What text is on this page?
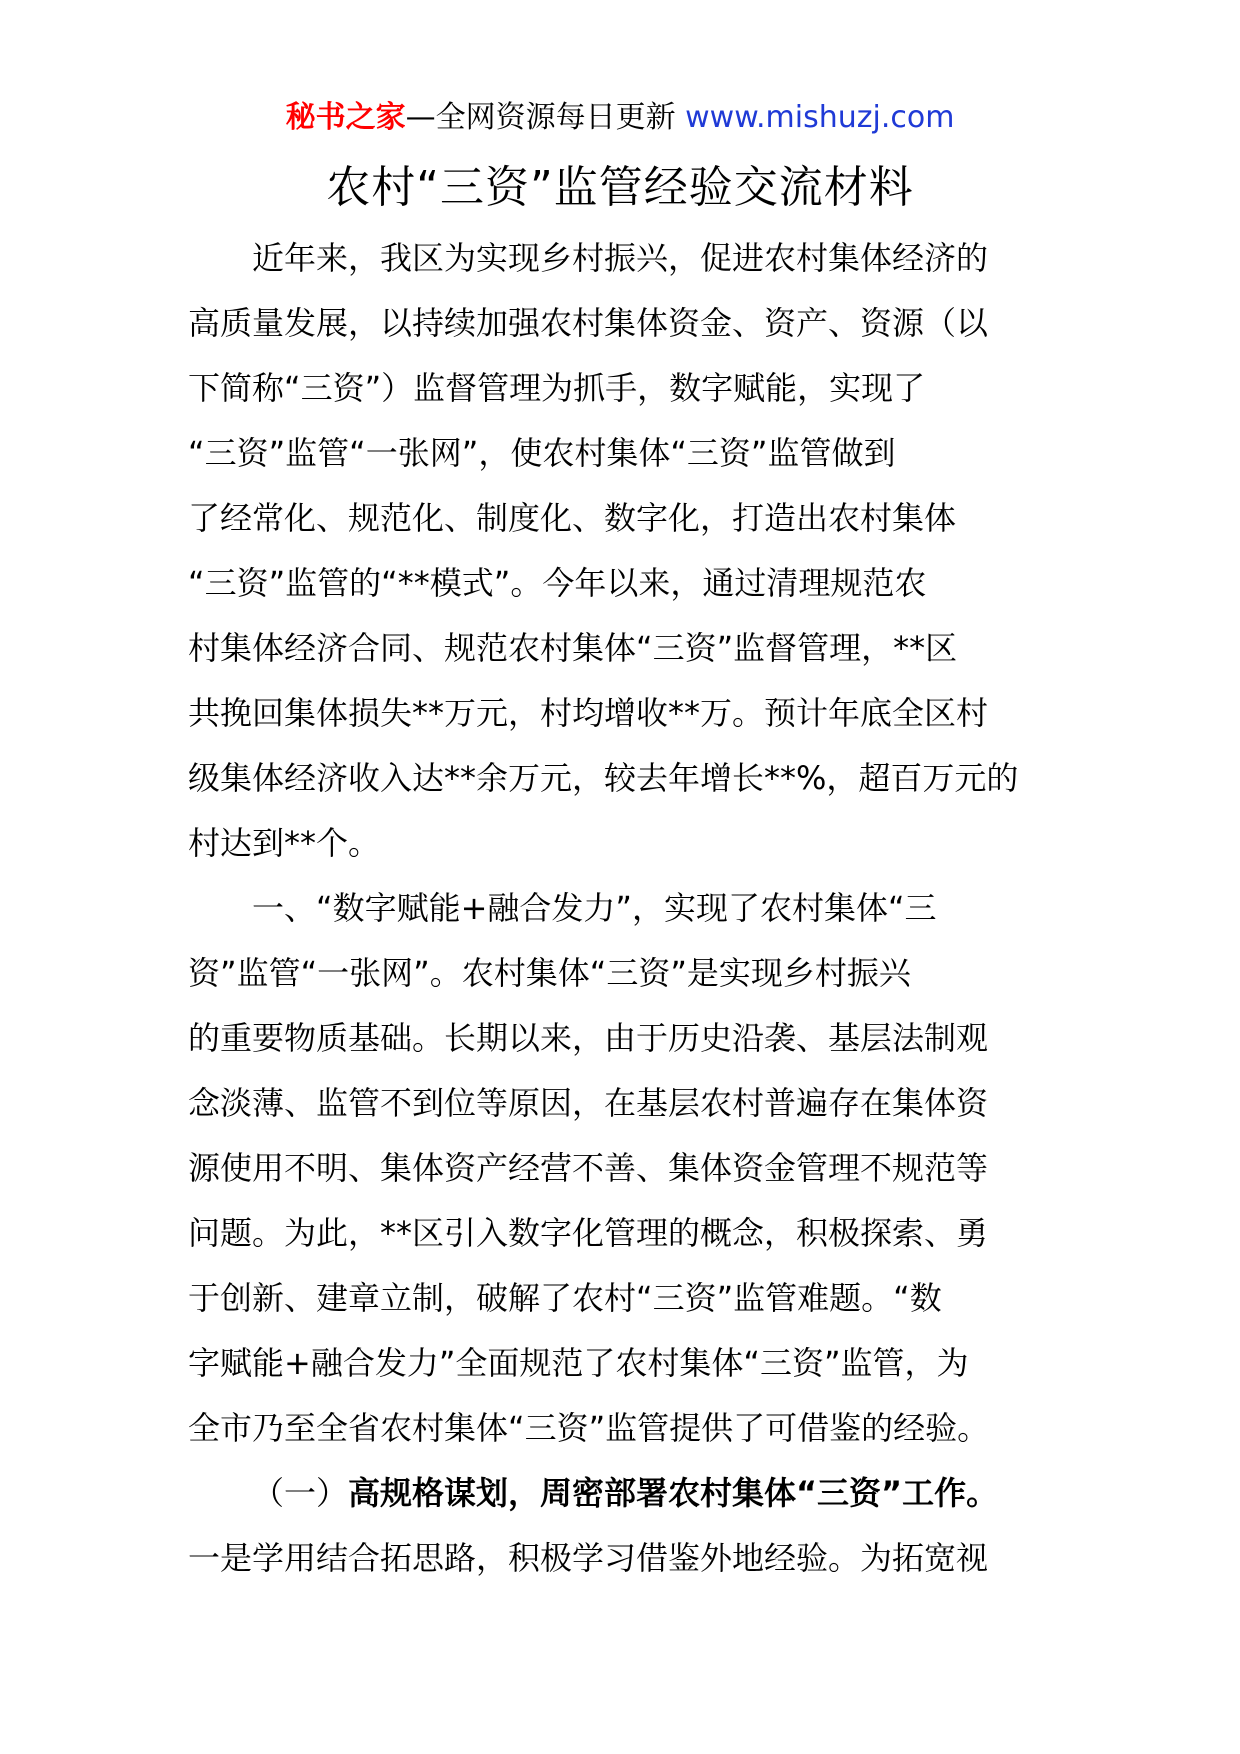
秘书之家—全网资源每日更新 www.mishuzj.com
农村“三资”监管经验交流材料
近年来，我区为实现乡村振兴，促进农村集体经济的
高质量发展，以持续加强农村集体资金、资产、资源（以
下简称“三资”）监督管理为抓手，数字赋能，实现了
“三资”监管“一张网”，使农村集体“三资”监管做到
了经常化、规范化、制度化、数字化，打造出农村集体
“三资”监管的“**模式”。今年以来，通过清理规范农
村集体经济合同、规范农村集体“三资”监督管理，**区
共挽回集体损失**万元，村均增收**万。预计年底全区村
级集体经济收入达**余万元，较去年增长**%，超百万元的
村达到**个。
一、“数字赋能+融合发力”，实现了农村集体“三
资”监管“一张网”。农村集体“三资”是实现乡村振兴
的重要物质基础。长期以来，由于历史沿袭、基层法制观
念淡薄、监管不到位等原因，在基层农村普遍存在集体资
源使用不明、集体资产经营不善、集体资金管理不规范等
问题。为此，**区引入数字化管理的概念，积极探索、勇
于创新、建章立制，破解了农村“三资”监管难题。“数
字赋能+融合发力”全面规范了农村集体“三资”监管，为
全市乃至全省农村集体“三资”监管提供了可借鉴的经验。
（一）高规格谋划，周密部署农村集体“三资”工作。
一是学用结合拓思路，积极学习借鉴外地经验。为拓宽视
